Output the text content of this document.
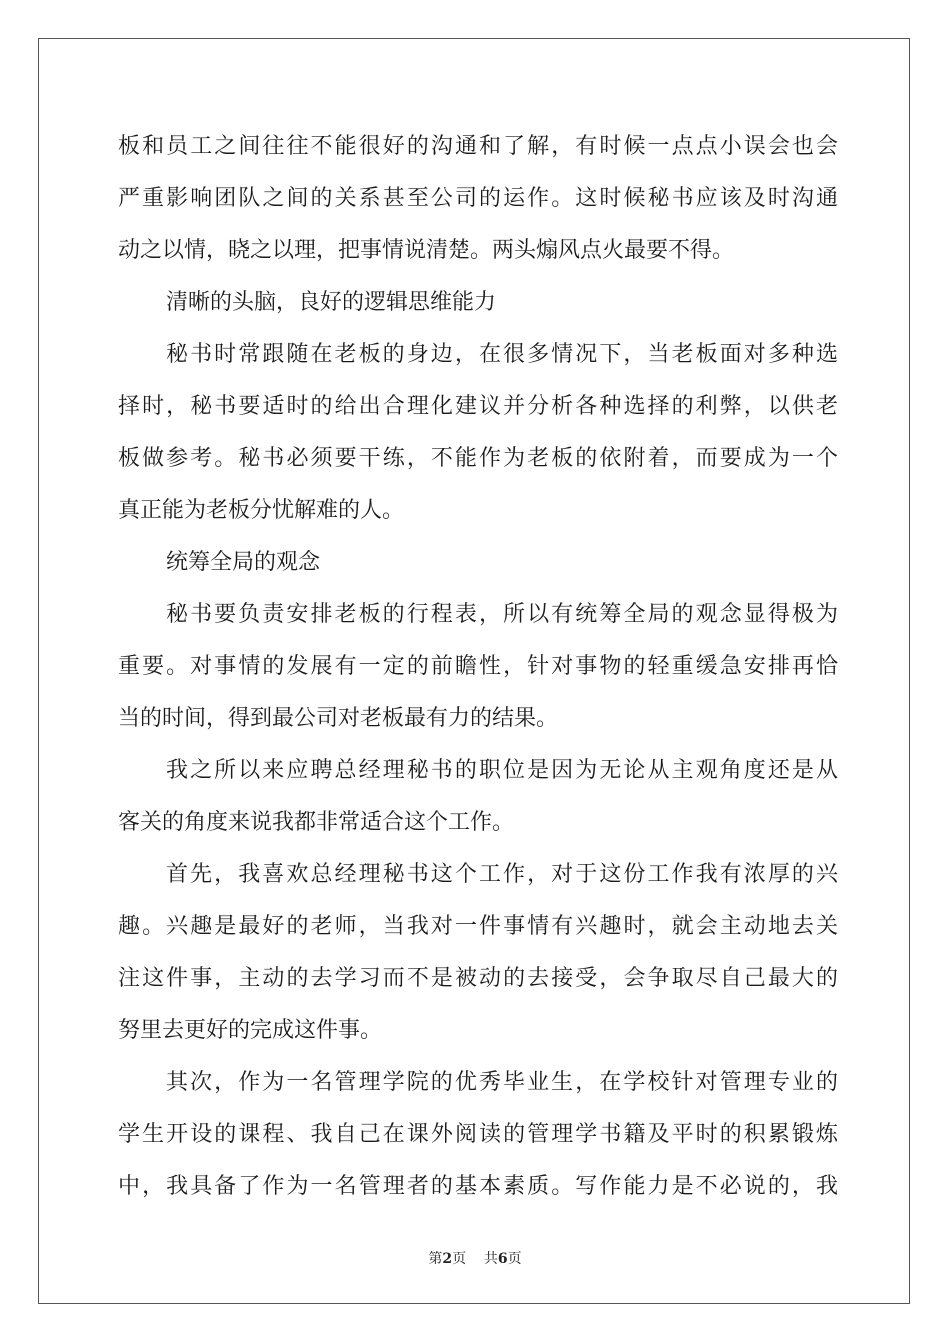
板和员工之间往往不能很好的沟通和了解，有时候一点点小误会也会
严重影响团队之间的关系甚至公司的运作。这时候秘书应该及时沟通
动之以情，晓之以理，把事情说清楚。两头煽风点火最要不得。
清晰的头脑，良好的逻辑思维能力
秘书时常跟随在老板的身边，在很多情况下，当老板面对多种选
择时，秘书要适时的给出合理化建议并分析各种选择的利弊，以供老
板做参考。秘书必须要干练，不能作为老板的依附着，而要成为一个
真正能为老板分忧解难的人。
统筹全局的观念
秘书要负责安排老板的行程表，所以有统筹全局的观念显得极为
重要。对事情的发展有一定的前瞻性，针对事物的轻重缓急安排再恰
当的时间，得到最公司对老板最有力的结果。
我之所以来应聘总经理秘书的职位是因为无论从主观角度还是从
客关的角度来说我都非常适合这个工作。
首先，我喜欢总经理秘书这个工作，对于这份工作我有浓厚的兴
趣。兴趣是最好的老师，当我对一件事情有兴趣时，就会主动地去关
注这件事，主动的去学习而不是被动的去接受，会争取尽自己最大的
努里去更好的完成这件事。
其次，作为一名管理学院的优秀毕业生，在学校针对管理专业的
学生开设的课程、我自己在课外阅读的管理学书籍及平时的积累锻炼
中，我具备了作为一名管理者的基本素质。写作能力是不必说的，我
第2页 共6页
